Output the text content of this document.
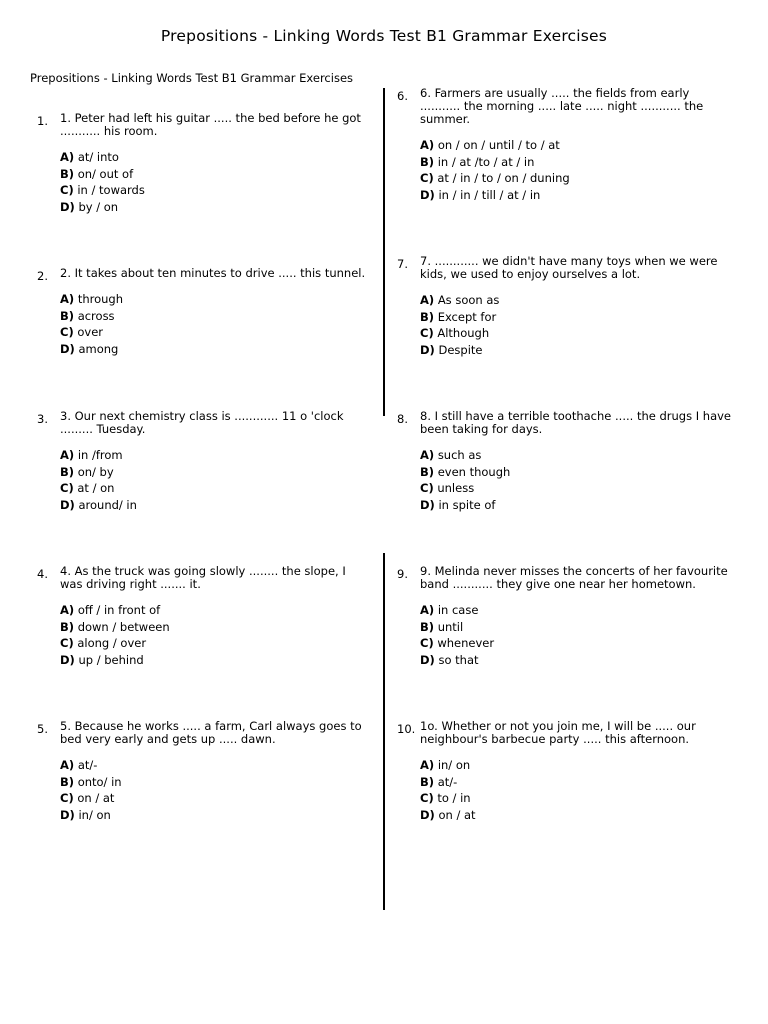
Prepositions - Linking Words Test B1 Grammar Exercises
Prepositions - Linking Words Test B1 Grammar Exercises
1. 1. Peter had left his guitar ..... the bed before he got
........... his room.
A) at/ into
B) on/ out of
C) in / towards
D) by / on
2. 2. It takes about ten minutes to drive ..... this tunnel.
A) through
B) across
C) over
D) among
3. 3. Our next chemistry class is ............ 11 o 'clock
......... Tuesday.
A) in /from
B) on/ by
C) at / on
D) around/ in
4. 4. As the truck was going slowly ........ the slope, I
was driving right ....... it.
A) off / in front of
B) down / between
C) along / over
D) up / behind
5. 5. Because he works ..... a farm, Carl always goes to
bed very early and gets up ..... dawn.
A) at/-
B) onto/ in
C) on / at
D) in/ on
6. 6. Farmers are usually ..... the fields from early
........... the morning ..... late ..... night ........... the
summer.
A) on / on / until / to / at
B) in / at /to / at / in
C) at / in / to / on / duning
D) in / in / till / at / in
7. 7. ............ we didn't have many toys when we were
kids, we used to enjoy ourselves a lot.
A) As soon as
B) Except for
C) Although
D) Despite
8. 8. I still have a terrible toothache ..... the drugs I have
been taking for days.
A) such as
B) even though
C) unless
D) in spite of
9. 9. Melinda never misses the concerts of her favourite
band ........... they give one near her hometown.
A) in case
B) until
C) whenever
D) so that
10. 1o. Whether or not you join me, I will be ..... our
neighbour's barbecue party ..... this afternoon.
A) in/ on
B) at/-
C) to / in
D) on / at
